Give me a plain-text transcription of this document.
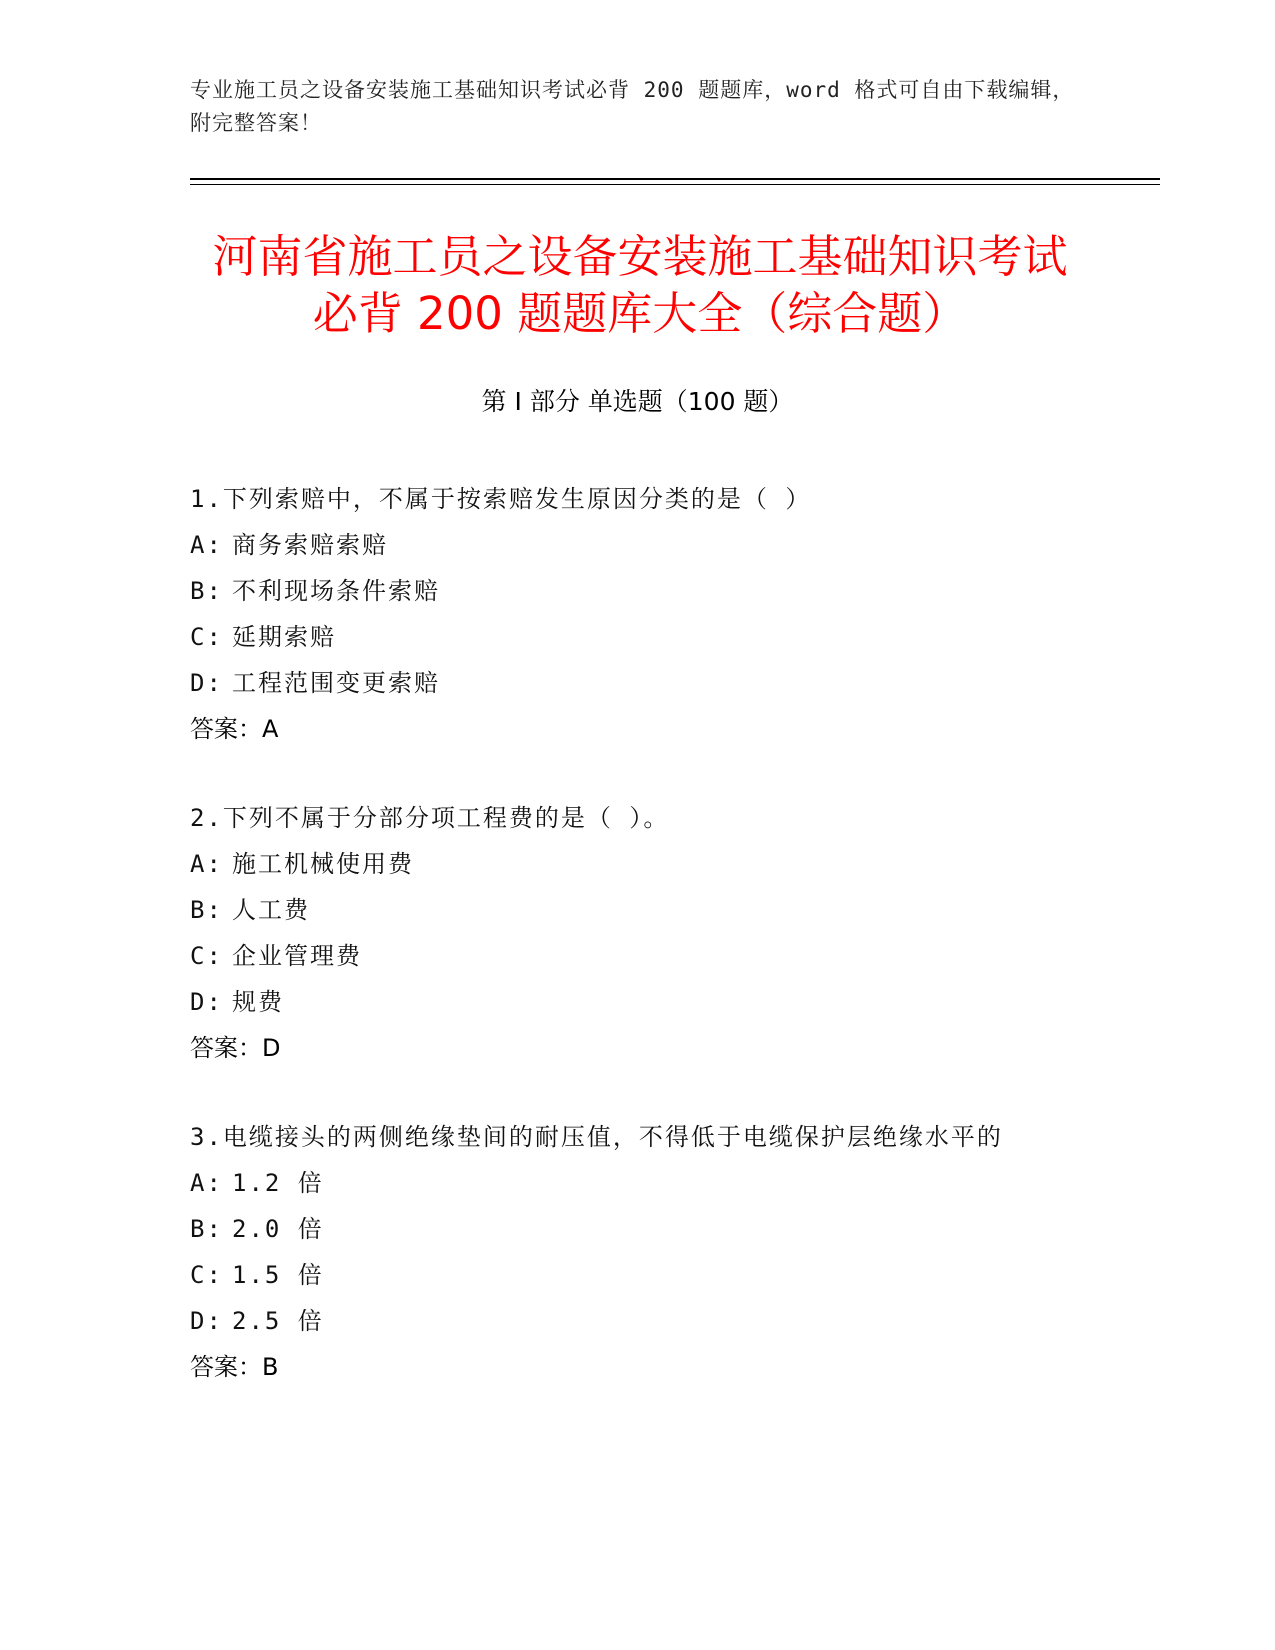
专业施工员之设备安装施工基础知识考试必背 200 题题库，word 格式可自由下载编辑，附完整答案！
河南省施工员之设备安装施工基础知识考试
必背 200 题题库大全（综合题）
第 I 部分 单选题（100 题）

1.下列索赔中，不属于按索赔发生原因分类的是（ ）

A: 商务索赔索赔

B: 不利现场条件索赔

C: 延期索赔

D: 工程范围变更索赔

答案：A

2.下列不属于分部分项工程费的是（ ）。

A: 施工机械使用费

B: 人工费

C: 企业管理费

D: 规费

答案：D

3.电缆接头的两侧绝缘垫间的耐压值，不得低于电缆保护层绝缘水平的

A: 1.2 倍

B: 2.0 倍

C: 1.5 倍

D: 2.5 倍

答案：B
